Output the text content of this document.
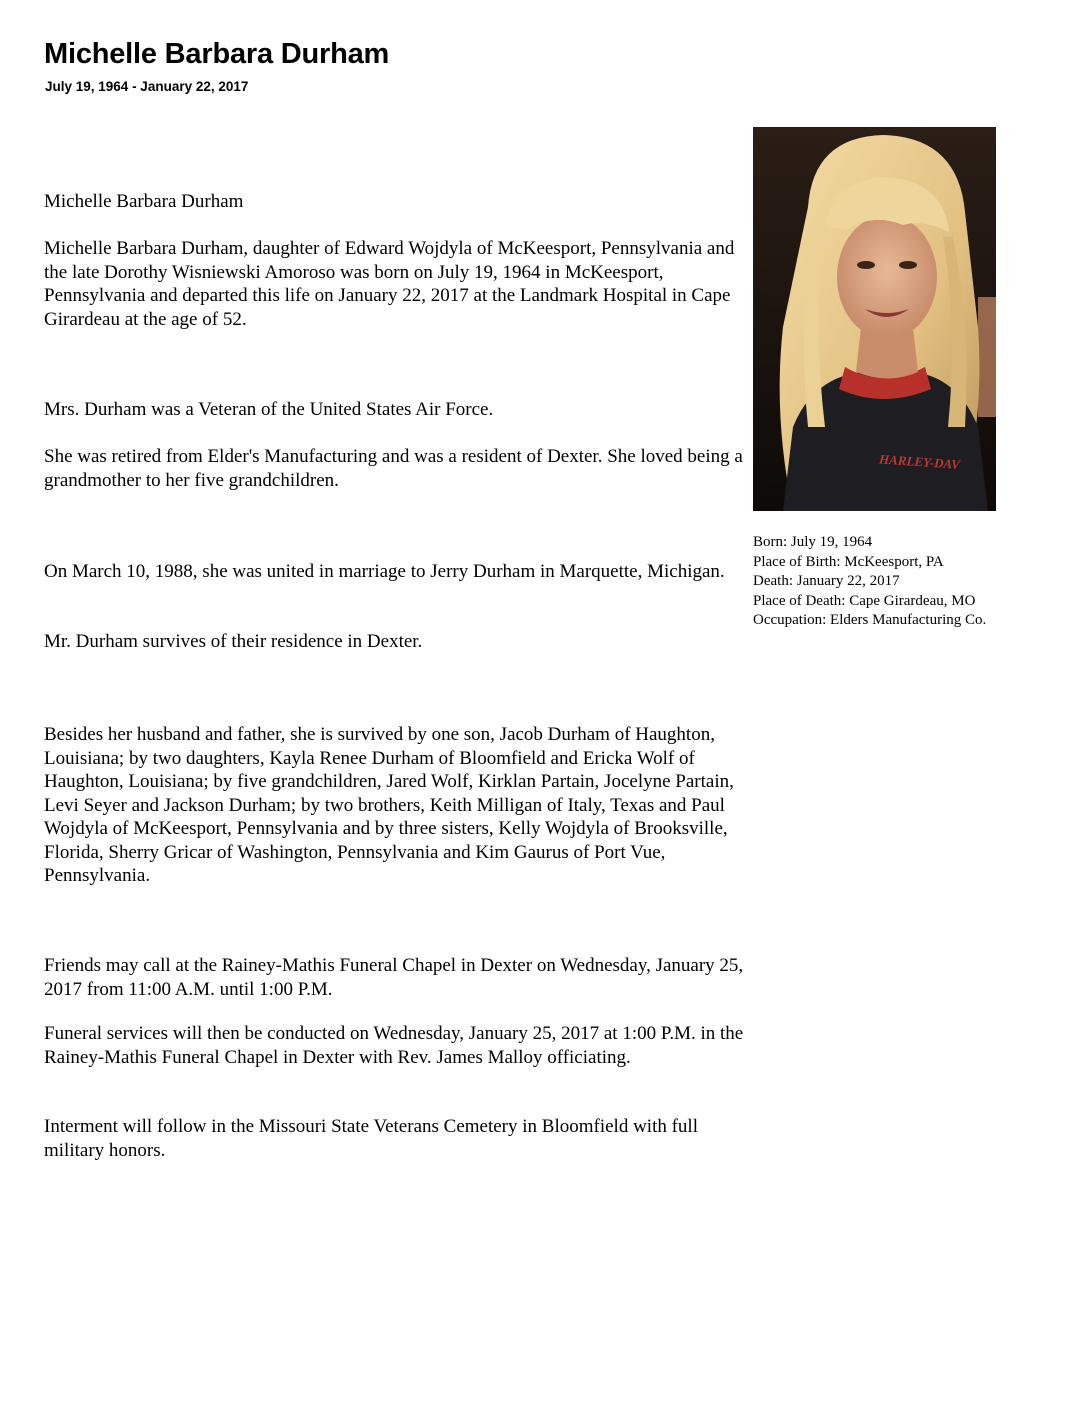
Michelle Barbara Durham
July 19, 1964 - January 22, 2017

Michelle Barbara Durham

Michelle Barbara Durham, daughter of Edward Wojdyla of McKeesport, Pennsylvania and the late Dorothy Wisniewski Amoroso was born on July 19, 1964 in McKeesport, Pennsylvania and departed this life on January 22, 2017 at the Landmark Hospital in Cape Girardeau at the age of 52.

Mrs. Durham was a Veteran of the United States Air Force.

She was retired from Elder's Manufacturing and was a resident of Dexter. She loved being a grandmother to her five grandchildren.

On March 10, 1988, she was united in marriage to Jerry Durham in Marquette, Michigan.

Mr. Durham survives of their residence in Dexter.

Besides her husband and father, she is survived by one son, Jacob Durham of Haughton, Louisiana; by two daughters, Kayla Renee Durham of Bloomfield and Ericka Wolf of Haughton, Louisiana; by five grandchildren, Jared Wolf, Kirklan Partain, Jocelyne Partain, Levi Seyer and Jackson Durham; by two brothers, Keith Milligan of Italy, Texas and Paul Wojdyla of McKeesport, Pennsylvania and by three sisters, Kelly Wojdyla of Brooksville, Florida, Sherry Gricar of Washington, Pennsylvania and Kim Gaurus of Port Vue, Pennsylvania.

Friends may call at the Rainey-Mathis Funeral Chapel in Dexter on Wednesday, January 25, 2017 from 11:00 A.M. until 1:00 P.M.

Funeral services will then be conducted on Wednesday, January 25, 2017 at 1:00 P.M. in the Rainey-Mathis Funeral Chapel in Dexter with Rev. James Malloy officiating.

Interment will follow in the Missouri State Veterans Cemetery in Bloomfield with full military honors.

HARLEY-DAV
Born: July 19, 1964
Place of Birth: McKeesport, PA
Death: January 22, 2017
Place of Death: Cape Girardeau, MO
Occupation: Elders Manufacturing Co.
